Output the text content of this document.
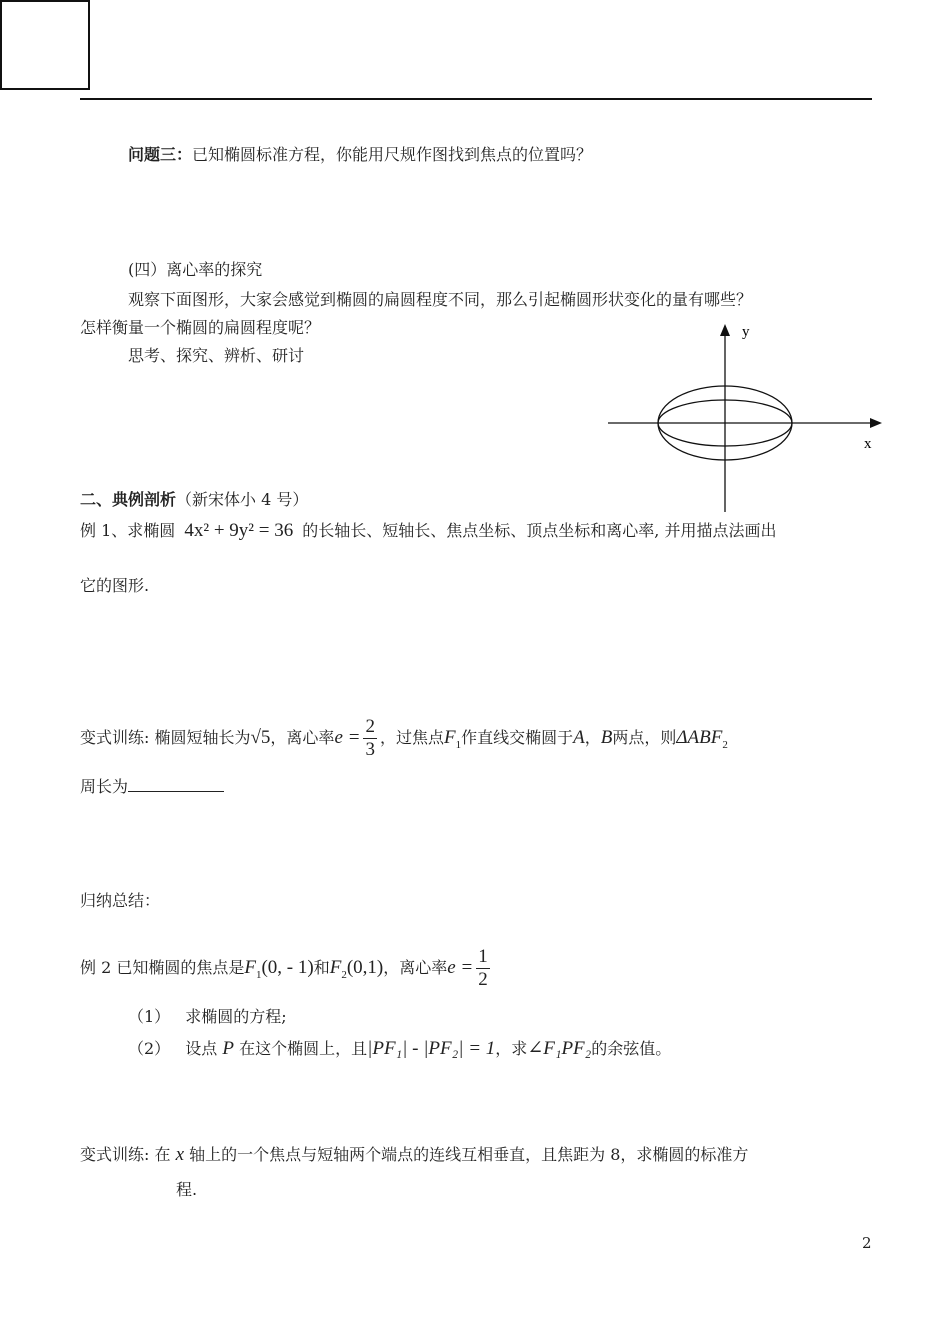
问题三：已知椭圆标准方程，你能用尺规作图找到焦点的位置吗？
(四）离心率的探究
观察下面图形，大家会感觉到椭圆的扁圆程度不同，那么引起椭圆形状变化的量有哪些？
怎样衡量一个椭圆的扁圆程度呢？
思考、探究、辨析、研讨
y
x
二、典例剖析（新宋体小 4 号）
例 1、求椭圆 4x² + 9y² = 36 的长轴长、短轴长、焦点坐标、顶点坐标和离心率, 并用描点法画出
它的图形.
变式训练: 椭圆短轴长为√5，离心率$e = \frac{2}{3}$ ，过焦点$F_1$作直线交椭圆于A，B两点，则$\Delta ABF_2$
周长为
归纳总结：
例 2 已知椭圆的焦点是$F_1(0$, - 1)和$F_2(0,1)$，离心率$e = \frac{1}{2}$
（1） 求椭圆的方程;
（2） 设点 P 在这个椭圆上，且|PF₁| - |PF₂| = 1，求∠F₁PF₂的余弦值。
变式训练: 在 x 轴上的一个焦点与短轴两个端点的连线互相垂直，且焦距为 8，求椭圆的标准方
程.
2
